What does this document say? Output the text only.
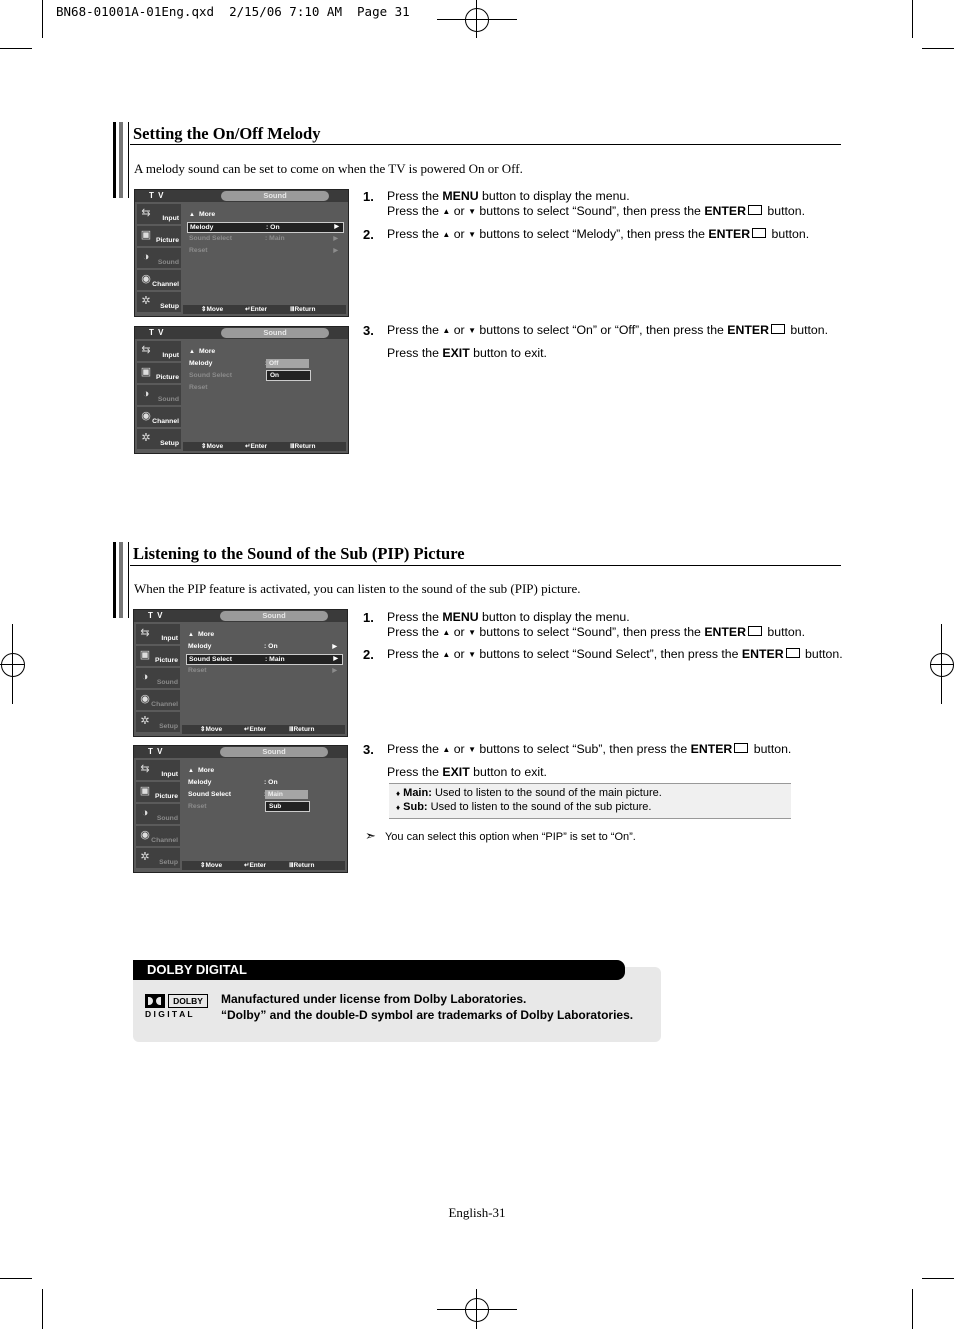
BN68-01001A-01Eng.qxd  2/15/06 7:10 AM  Page 31
Setting the On/Off Melody
A melody sound can be set to come on when the TV is powered On or Off.
T V	Sound
⇆	Input
▣ Picture
◑	Sound
◉ Channel
✲	Setup
▲ More
Melody	: On	▶
Sound Select	: Main	▶
Reset	▶
⇕Move	↵Enter	ⅢReturn
T V	Sound
⇆	Input
▣ Picture
◑	Sound
◉ Channel
✲	Setup
▲ More
Melody
Sound Select
Reset
Off
On
⇕Move	↵Enter	ⅢReturn
1. Press the MENU button to display the menu.
Press the ▲ or ▼ buttons to select “Sound”, then press the ENTER button.
2. Press the ▲ or ▼ buttons to select “Melody”, then press the ENTER button.
3. Press the ▲ or ▼ buttons to select “On” or “Off”, then press the ENTER button.
Press the EXIT button to exit.
Listening to the Sound of the Sub (PIP) Picture
When the PIP feature is activated, you can listen to the sound of the sub (PIP) picture.
T V	Sound
⇆	Input
▣ Picture
◑	Sound
◉ Channel
✲	Setup
▲ More
Melody	: On	▶
Sound Select	: Main	▶
Reset	▶
⇕Move	↵Enter	ⅢReturn
T V	Sound
⇆	Input
▣ Picture
◑	Sound
◉ Channel
✲	Setup
▲ More
Melody	: On
Sound Select
Reset
Main
Sub
⇕Move	↵Enter	ⅢReturn
1. Press the MENU button to display the menu.
Press the ▲ or ▼ buttons to select “Sound”, then press the ENTER button.
2. Press the ▲ or ▼ buttons to select “Sound Select”, then press the ENTER button.
3. Press the ▲ or ▼ buttons to select “Sub”, then press the ENTER button.
Press the EXIT button to exit.
♦ Main: Used to listen to the sound of the main picture.
♦ Sub: Used to listen to the sound of the sub picture.
➣ You can select this option when “PIP” is set to “On”.
DOLBY DIGITAL
DOLBY
D I G I T A L
Manufactured under license from Dolby Laboratories.
“Dolby” and the double-D symbol are trademarks of Dolby Laboratories.
English-31
